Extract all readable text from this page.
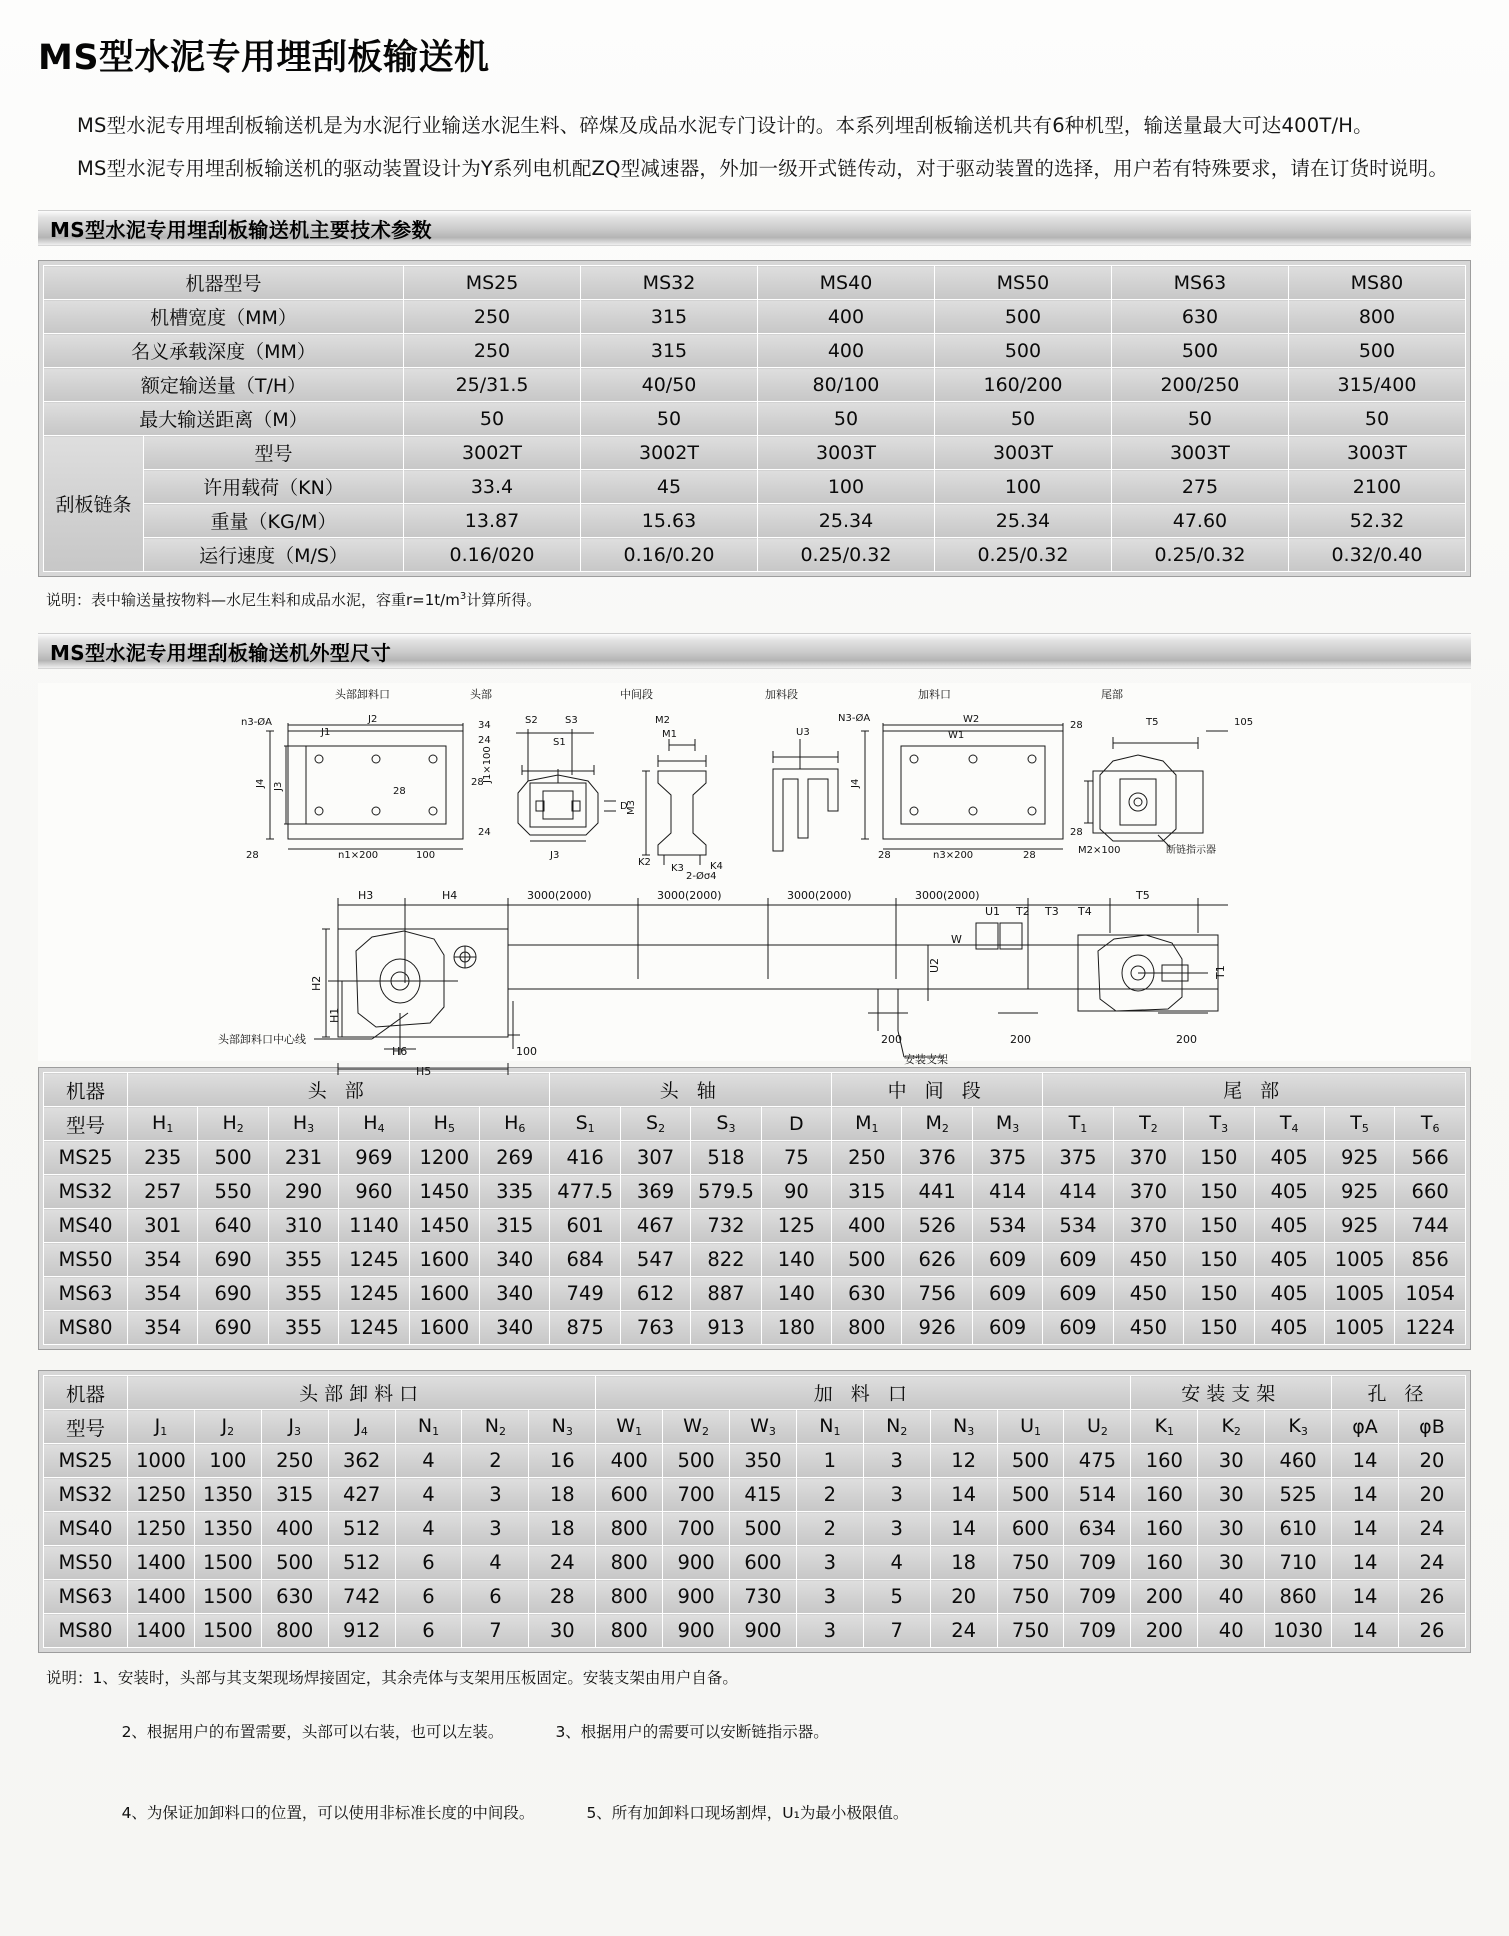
MS型水泥专用埋刮板输送机

MS型水泥专用埋刮板输送机是为水泥行业输送水泥生料、碎煤及成品水泥专门设计的。本系列埋刮板输送机共有6种机型，输送量最大可达400T/H。

MS型水泥专用埋刮板输送机的驱动装置设计为Y系列电机配ZQ型减速器，外加一级开式链传动，对于驱动装置的选择，用户若有特殊要求，请在订货时说明。

MS型水泥专用埋刮板输送机主要技术参数
机器型号		MS25	MS32	MS40	MS50	MS63	MS80
机槽宽度（MM）		250	315	400	500	630	800
名义承载深度（MM）		250	315	400	500	500	500
额定输送量（T/H）		25/31.5	40/50	80/100	160/200	200/250	315/400
最大输送距离（M）		50	50	50	50	50	50
刮板链条	型号	3002T	3002T	3003T	3003T	3003T	3003T
	许用载荷（KN）	33.4	45	100	100	275	2100
	重量（KG/M）	13.87	15.63	25.34	25.34	47.60	52.32
	运行速度（M/S）	0.16/020	0.16/0.20	0.25/0.32	0.25/0.32	0.25/0.32	0.32/0.40
说明：表中输送量按物料—水尼生料和成品水泥，容重$r=1t/m^3$计算所得。
MS型水泥专用埋刮板输送机外型尺寸
头部卸料口	头部	中间段	加料段	加料口	尾部
n3-ØA	J2
J1
34
24
28
28
24
28	n1×200	100
J4 J3
J1×100
S2	S3
S1
D
J3
M2
M1
M3
K2
K3	K4
2-Øσ4
U3
N3-ØA	W2
W1
28
28	n3×200	28
28
M2×100
J4
T5	105
断链指示器
H3	H4	3000(2000)	3000(2000)	3000(2000)	3000(2000)	T5
H2
H1
H6
H5
W
U1 T2 T3 T4
U2	T1
头部卸料口中心线
安装支架
200	200	200
100
机器	头 部						头 轴				中 间 段			尾 部					
型号	$H_1$	$H_2$	$H_3$	$H_4$	$H_5$	$H_6$	$S_1$	$S_2$	$S_3$	D	$M_1$	$M_2$	$M_3$	$T_1$	$T_2$	$T_3$	$T_4$	$T_5$	$T_6$
MS25	235	500	231	969	1200	269	416	307	518	75	250	376	375	375	370	150	405	925	566
MS32	257	550	290	960	1450	335	477.5	369	579.5	90	315	441	414	414	370	150	405	925	660
MS40	301	640	310	1140	1450	315	601	467	732	125	400	526	534	534	370	150	405	925	744
MS50	354	690	355	1245	1600	340	684	547	822	140	500	626	609	609	450	150	405	1005	856
MS63	354	690	355	1245	1600	340	749	612	887	140	630	756	609	609	450	150	405	1005	1054
MS80	354	690	355	1245	1600	340	875	763	913	180	800	926	609	609	450	150	405	1005	1224
机器	头部卸料口							加 料 口								安装支架			孔 径	
型号	$J_1$	$J_2$	$J_3$	$J_4$	$N_1$	$N_2$	$N_3$	$W_1$	$W_2$	$W_3$	$N_1$	$N_2$	$N_3$	$U_1$	$U_2$	$K_1$	$K_2$	$K_3$	φA	φB
MS25	1000	100	250	362	4	2	16	400	500	350	1	3	12	500	475	160	30	460	14	20
MS32	1250	1350	315	427	4	3	18	600	700	415	2	3	14	500	514	160	30	525	14	20
MS40	1250	1350	400	512	4	3	18	800	700	500	2	3	14	600	634	160	30	610	14	24
MS50	1400	1500	500	512	6	4	24	800	900	600	3	4	18	750	709	160	30	710	14	24
MS63	1400	1500	630	742	6	6	28	800	900	730	3	5	20	750	709	200	40	860	14	26
MS80	1400	1500	800	912	6	7	30	800	900	900	3	7	24	750	709	200	40	1030	14	26
说明：1、安装时，头部与其支架现场焊接固定，其余壳体与支架用压板固定。安装支架由用户自备。

2、根据用户的布置需要，头部可以右装，也可以左装。	3、根据用户的需要可以安断链指示器。

4、为保证加卸料口的位置，可以使用非标准长度的中间段。	5、所有加卸料口现场割焊，U₁为最小极限值。
